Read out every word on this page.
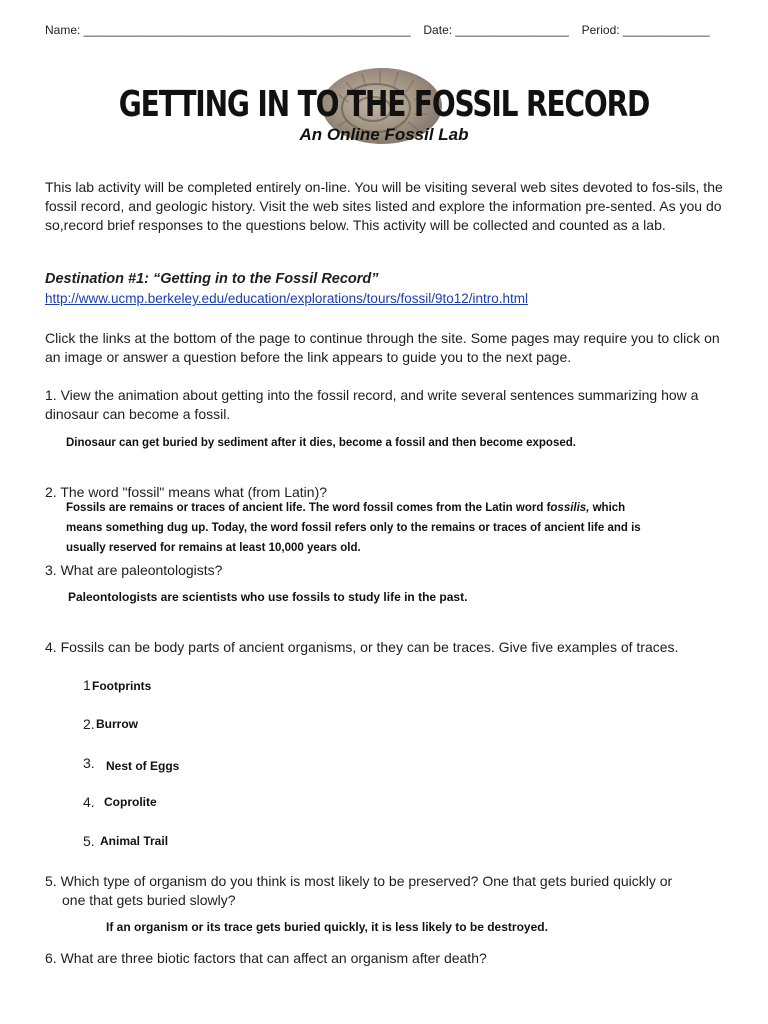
Name: _________________________________________________ Date: _________________ Period: _____________
GETTING IN TO THE FOSSIL RECORD
An Online Fossil Lab
This lab activity will be completed entirely on-line. You will be visiting several web sites devoted to fos-sils, the fossil record, and geologic history. Visit the web sites listed and explore the information pre-sented. As you do so,record brief responses to the questions below. This activity will be collected and counted as a lab.
Destination #1: “Getting in to the Fossil Record”
http://www.ucmp.berkeley.edu/education/explorations/tours/fossil/9to12/intro.html
Click the links at the bottom of the page to continue through the site. Some pages may require you to click on an image or answer a question before the link appears to guide you to the next page.
1. View the animation about getting into the fossil record, and write several sentences summarizing how a dinosaur can become a fossil.
Dinosaur can get buried by sediment after it dies, become a fossil and then become exposed.
2. The word "fossil" means what (from Latin)?
Fossils are remains or traces of ancient life. The word fossil comes from the Latin word fossilis, which
means something dug up. Today, the word fossil refers only to the remains or traces of ancient life and is
usually reserved for remains at least 10,000 years old.
3. What are paleontologists?
Paleontologists are scientists who use fossils to study life in the past.
4. Fossils can be body parts of ancient organisms, or they can be traces. Give five examples of traces.
1 Footprints
2. Burrow
3. Nest of Eggs
4. Coprolite
5. Animal Trail
5. Which type of organism do you think is most likely to be preserved? One that gets buried quickly or
one that gets buried slowly?
If an organism or its trace gets buried quickly, it is less likely to be destroyed.
6. What are three biotic factors that can affect an organism after death?
